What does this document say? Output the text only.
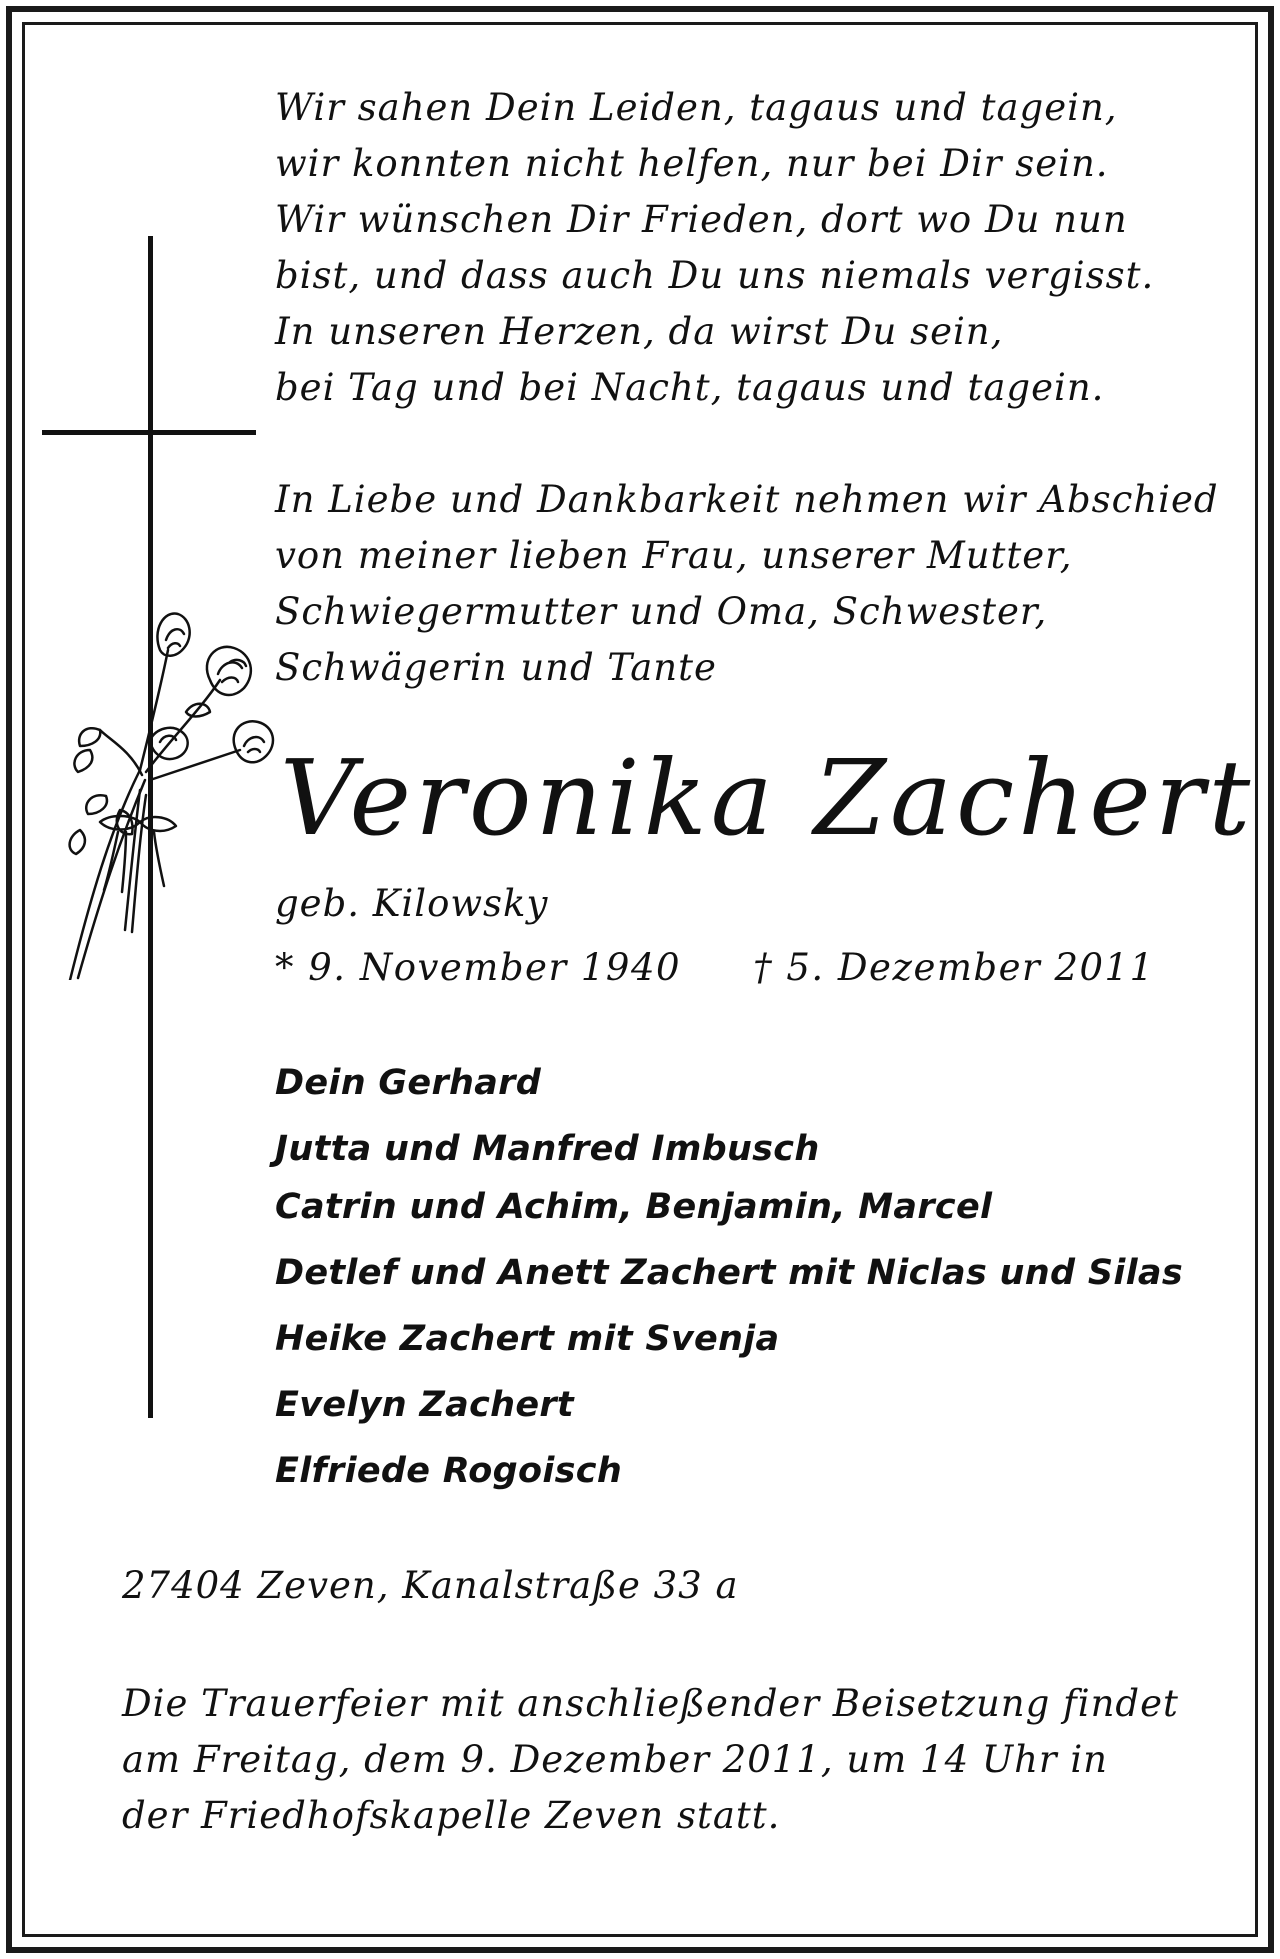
Wir sahen Dein Leiden, tagaus und tagein,
wir konnten nicht helfen, nur bei Dir sein.
Wir wünschen Dir Frieden, dort wo Du nun
bist, und dass auch Du uns niemals vergisst.
In unseren Herzen, da wirst Du sein,
bei Tag und bei Nacht, tagaus und tagein.
In Liebe und Dankbarkeit nehmen wir Abschied
von meiner lieben Frau, unserer Mutter,
Schwiegermutter und Oma, Schwester,
Schwägerin und Tante
Veronika Zachert
geb. Kilowsky
* 9. November 1940 † 5. Dezember 2011
Dein Gerhard
Jutta und Manfred Imbusch
Catrin und Achim, Benjamin, Marcel
Detlef und Anett Zachert mit Niclas und Silas
Heike Zachert mit Svenja
Evelyn Zachert
Elfriede Rogoisch
27404 Zeven, Kanalstraße 33 a
Die Trauerfeier mit anschließender Beisetzung findet
am Freitag, dem 9. Dezember 2011, um 14 Uhr in
der Friedhofskapelle Zeven statt.
